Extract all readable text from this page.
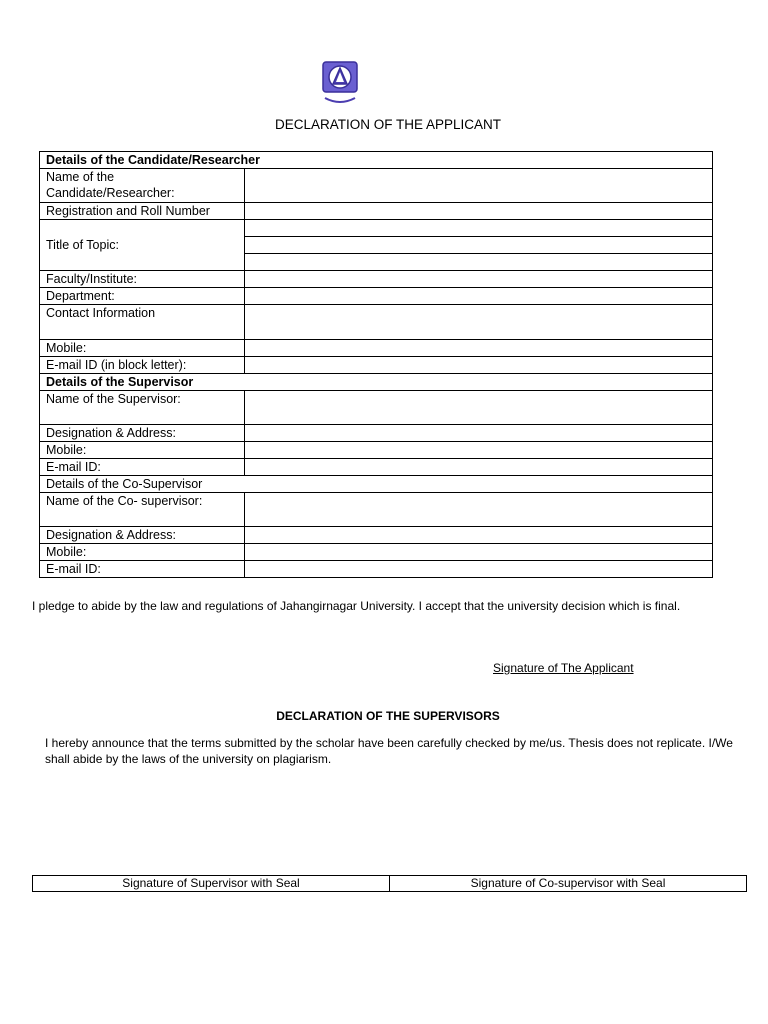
DECLARATION OF THE APPLICANT
Details of the Candidate/Researcher	

Name of the
Candidate/Researcher:	

Registration and Roll Number	
Title of Topic:	

Faculty/Institute:	
Department:	
Contact Information	
Mobile:	
E-mail ID (in block letter):	
Details of the Supervisor	
Name of the Supervisor:	
Designation & Address:	
Mobile:	
E-mail ID:	
Details of the Co-Supervisor	
Name of the Co- supervisor:	
Designation & Address:	
Mobile:	
E-mail ID:	
I pledge to abide by the law and regulations of Jahangirnagar University. I accept that the university decision which is final.
Signature of The Applicant
DECLARATION OF THE SUPERVISORS
I hereby announce that the terms submitted by the scholar have been carefully checked by me/us. Thesis does not replicate. I/We shall abide by the laws of the university on plagiarism.
Signature of Supervisor with Seal	Signature of Co-supervisor with Seal
